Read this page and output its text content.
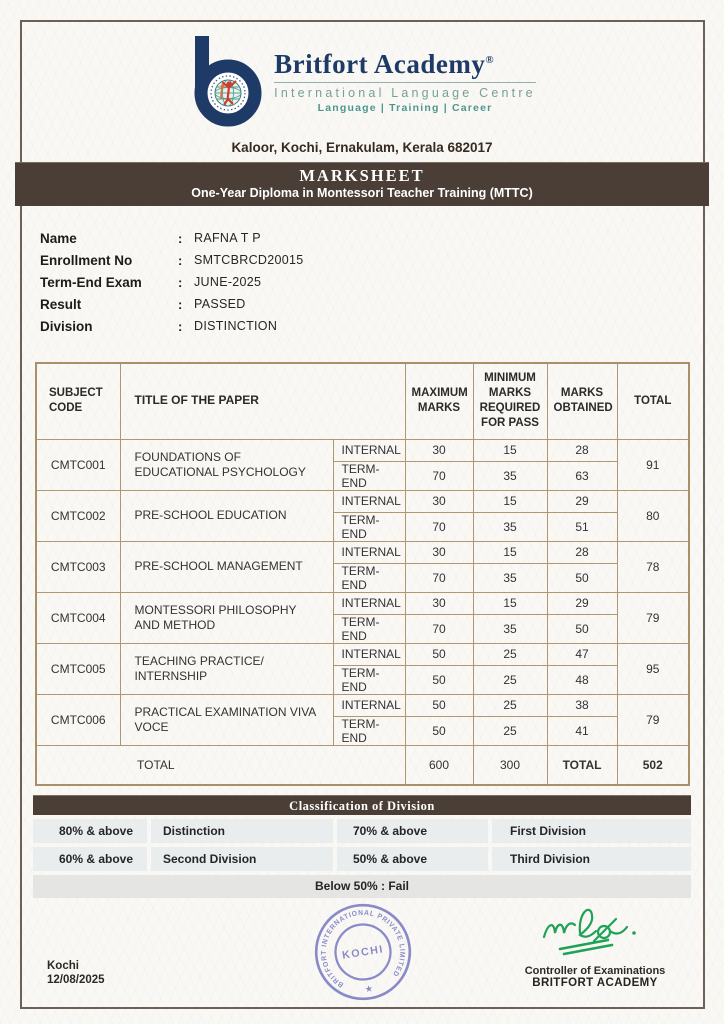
Britfort Academy®
International Language Centre
Language | Training | Career
Kaloor, Kochi, Ernakulam, Kerala 682017
MARKSHEET
One-Year Diploma in Montessori Teacher Training (MTTC)
Name	: RAFNA T P
Enrollment No	: SMTCBRCD20015
Term-End Exam	: JUNE-2025
Result	: PASSED
Division	: DISTINCTION
SUBJECT CODE	TITLE OF THE PAPER		MAXIMUM MARKS	MINIMUM MARKS REQUIRED FOR PASS	MARKS OBTAINED	TOTAL
CMTC001	FOUNDATIONS OF EDUCATIONAL PSYCHOLOGY	INTERNAL	30	15	28	91
		TERM-END	70	35	63	
CMTC002	PRE-SCHOOL EDUCATION	INTERNAL	30	15	29	80
		TERM-END	70	35	51	
CMTC003	PRE-SCHOOL MANAGEMENT	INTERNAL	30	15	28	78
		TERM-END	70	35	50	
CMTC004	MONTESSORI PHILOSOPHY AND METHOD	INTERNAL	30	15	29	79
		TERM-END	70	35	50	
CMTC005	TEACHING PRACTICE/ INTERNSHIP	INTERNAL	50	25	47	95
		TERM-END	50	25	48	
CMTC006	PRACTICAL EXAMINATION VIVA VOCE	INTERNAL	50	25	38	79
		TERM-END	50	25	41	
TOTAL			600	300	TOTAL	502
Classification of Division
80% & above	Distinction	70% & above	First Division
60% & above	Second Division	50% & above	Third Division
Below 50% : Fail
Kochi
12/08/2025	BRITFORT INTERNATIONAL PRIVATE LIMITED
★
KOCHI
Controller of Examinations
BRITFORT ACADEMY
